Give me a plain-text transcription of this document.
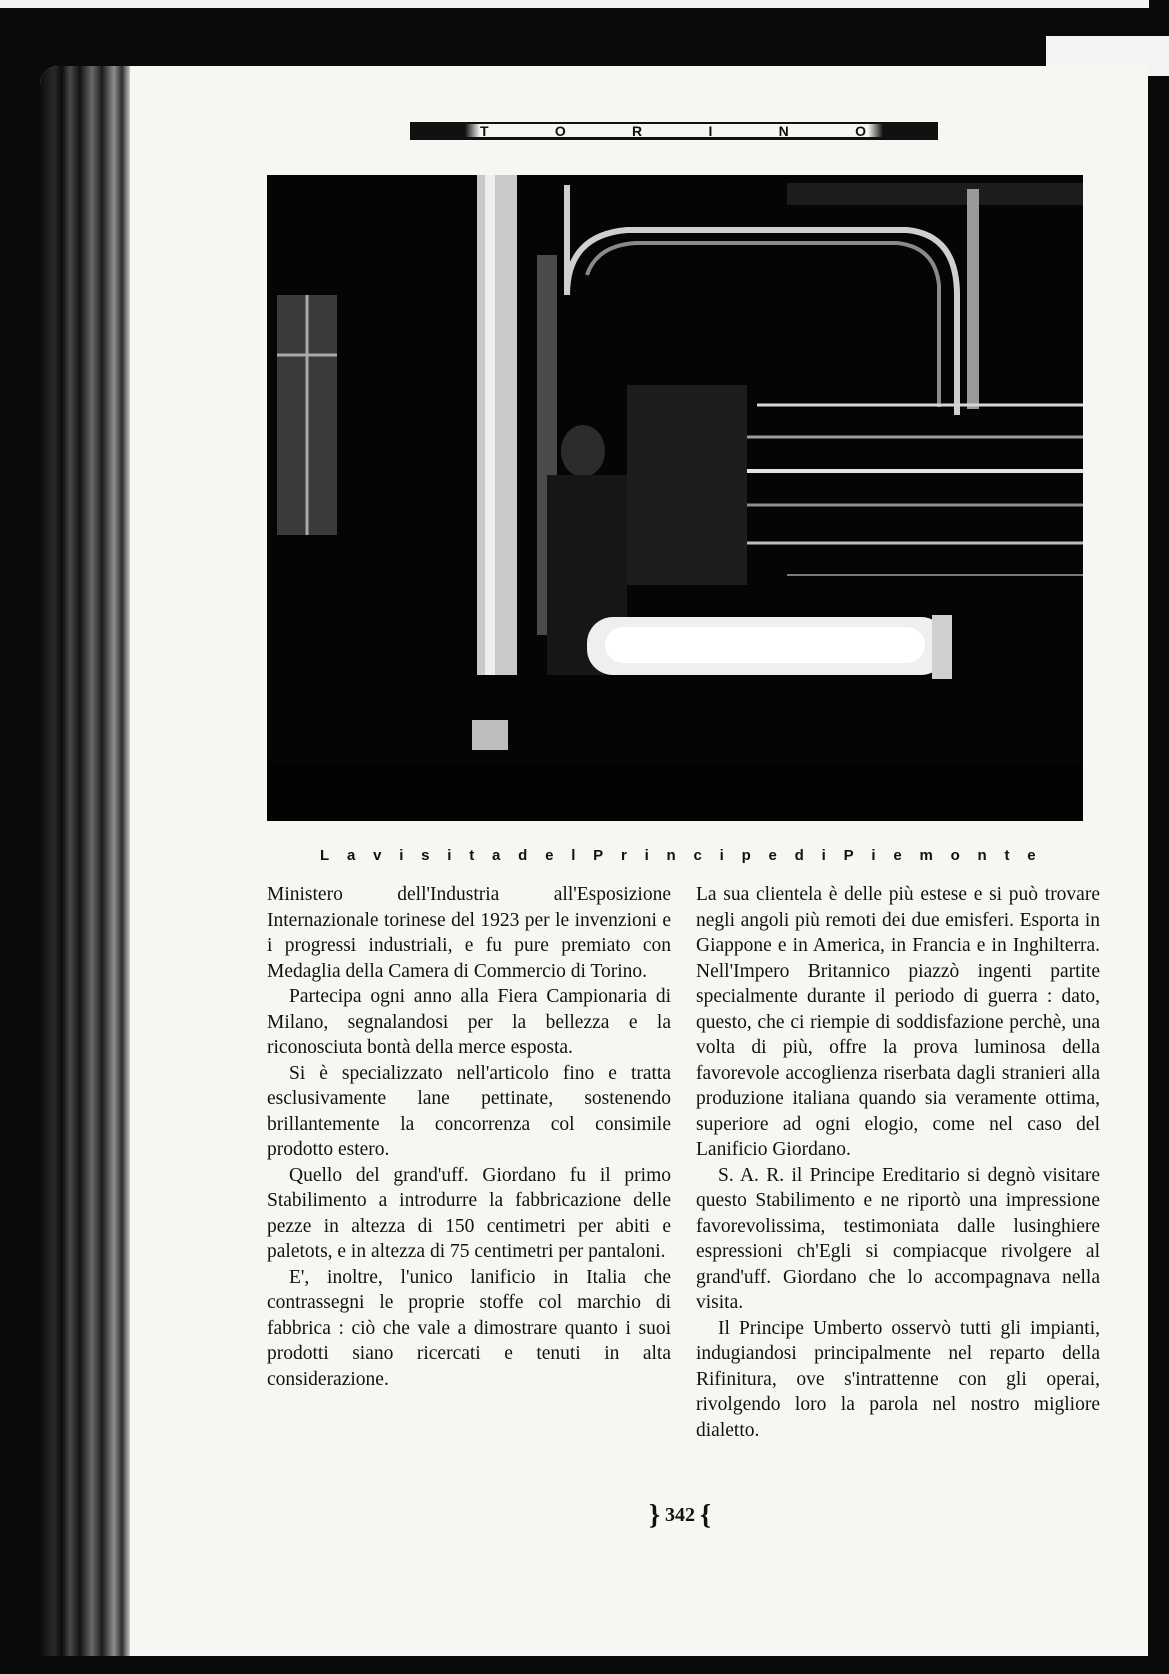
T	O	R	I	N	O
L a v i s i t a d e l P r i n c i p e d i P i e m o n t e

Ministero dell'Industria all'Esposizione Internazionale torinese del 1923 per le invenzioni e i progressi industriali, e fu pure premiato con Medaglia della Camera di Commercio di Torino.

Partecipa ogni anno alla Fiera Campionaria di Milano, segnalandosi per la bellezza e la riconosciuta bontà della merce esposta.

Si è specializzato nell'articolo fino e tratta esclusivamente lane pettinate, sostenendo brillantemente la concorrenza col consimile prodotto estero.

Quello del grand'uff. Giordano fu il primo Stabilimento a introdurre la fabbricazione delle pezze in altezza di 150 centimetri per abiti e paletots, e in altezza di 75 centimetri per pantaloni.

E', inoltre, l'unico lanificio in Italia che contrassegni le proprie stoffe col marchio di fabbrica : ciò che vale a dimostrare quanto i suoi prodotti siano ricercati e tenuti in alta considerazione.

La sua clientela è delle più estese e si può trovare negli angoli più remoti dei due emisferi. Esporta in Giappone e in America, in Francia e in Inghilterra. Nell'Impero Britannico piazzò ingenti partite specialmente durante il periodo di guerra : dato, questo, che ci riempie di soddisfazione perchè, una volta di più, offre la prova luminosa della favorevole accoglienza riserbata dagli stranieri alla produzione italiana quando sia veramente ottima, superiore ad ogni elogio, come nel caso del Lanificio Giordano.

S. A. R. il Principe Ereditario si degnò visitare questo Stabilimento e ne riportò una impressione favorevolissima, testimoniata dalle lusinghiere espressioni ch'Egli si compiacque rivolgere al grand'uff. Giordano che lo accompagnava nella visita.

Il Principe Umberto osservò tutti gli impianti, indugiandosi principalmente nel reparto della Rifinitura, ove s'intrattenne con gli operai, rivolgendo loro la parola nel nostro migliore dialetto.

} 342 {
